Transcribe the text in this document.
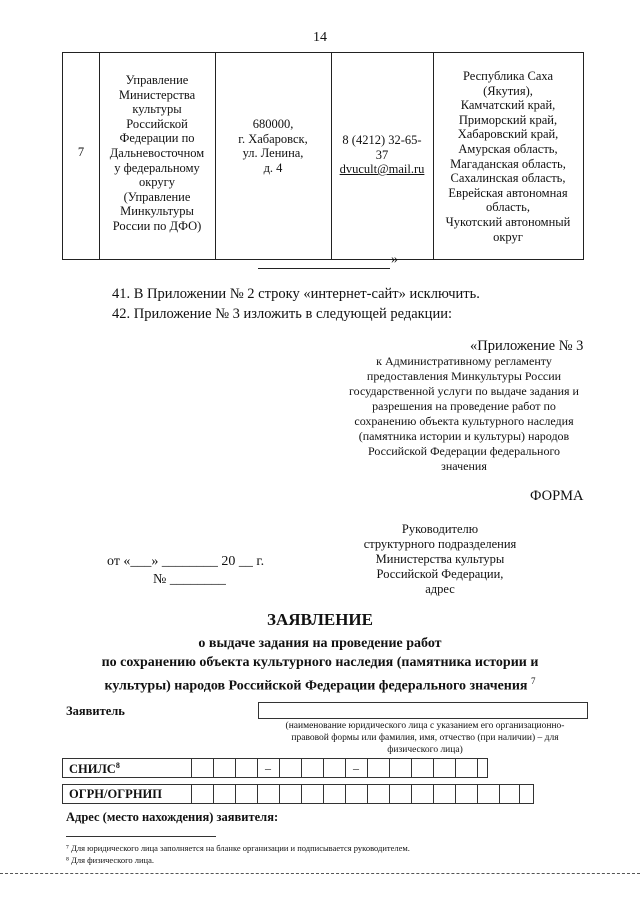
14
7
Управление
Министерства
культуры
Российской
Федерации по
Дальневосточном
у федеральному
округу
(Управление
Минкультуры
России по ДФО)
680000,
г. Хабаровск,
ул. Ленина,
д. 4
8 (4212) 32-65-
37
dvucult@mail.ru
Республика Саха
(Якутия),
Камчатский край,
Приморский край,
Хабаровский край,
Амурская область,
Магаданская область,
Сахалинская область,
Еврейская автономная
область,
Чукотский автономный
округ
»
41. В Приложении № 2 строку «интернет-сайт» исключить.
42. Приложение № 3 изложить в следующей редакции:
«Приложение № 3
к Административному регламенту
предоставления Минкультуры России
государственной услуги по выдаче задания и
разрешения на проведение работ по
сохранению объекта культурного наследия
(памятника истории и культуры) народов
Российской Федерации федерального
значения
ФОРМА
Руководителю
структурного подразделения
Министерства культуры
Российской Федерации,
адрес
от «___» ________ 20 __ г.
№ ________
ЗАЯВЛЕНИЕ
о выдаче задания на проведение работ
по сохранению объекта культурного наследия (памятника истории и
культуры) народов Российской Федерации федерального значения $^7$
Заявитель
(наименование юридического лица с указанием его организационно-
правовой формы или фамилия, имя, отчество (при наличии) – для
физического лица)
СНИЛС$^8$	–	–
ОГРН/ОГРНИП
Адрес (место нахождения) заявителя:
⁷ Для юридического лица заполняется на бланке организации и подписывается руководителем.
⁸ Для физического лица.
